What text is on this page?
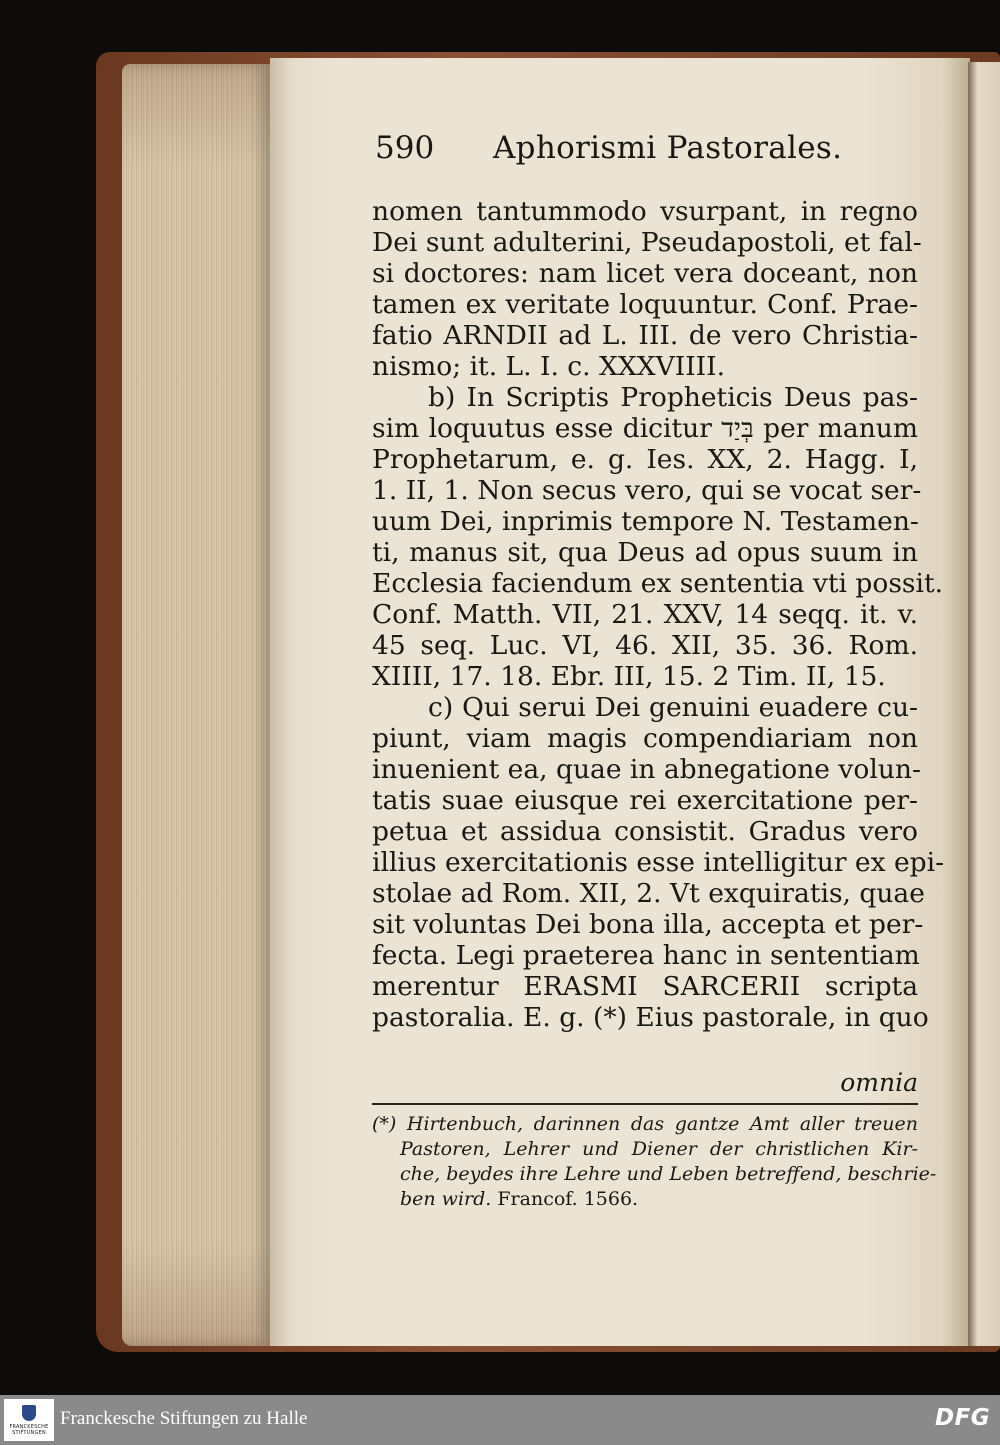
590 Aphorismi Pastorales.
nomen tantummodo vsurpant, in regno
Dei sunt adulterini, Pseudapostoli, et fal-
si doctores: nam licet vera doceant, non
tamen ex veritate loquuntur. Conf. Prae-
fatio ARNDII ad L. III. de vero Christia-
nismo; it. L. I. c. XXXVIIII.
b) In Scriptis Propheticis Deus pas-
sim loquutus esse dicitur בְּיַד per manum
Prophetarum, e. g. Ies. XX, 2. Hagg. I,
1. II, 1. Non secus vero, qui se vocat ser-
uum Dei, inprimis tempore N. Testamen-
ti, manus sit, qua Deus ad opus suum in
Ecclesia faciendum ex sententia vti possit.
Conf. Matth. VII, 21. XXV, 14 seqq. it. v.
45 seq. Luc. VI, 46. XII, 35. 36. Rom.
XIIII, 17. 18. Ebr. III, 15. 2 Tim. II, 15.
c) Qui serui Dei genuini euadere cu-
piunt, viam magis compendiariam non
inuenient ea, quae in abnegatione volun-
tatis suae eiusque rei exercitatione per-
petua et assidua consistit. Gradus vero
illius exercitationis esse intelligitur ex epi-
stolae ad Rom. XII, 2. Vt exquiratis, quae
sit voluntas Dei bona illa, accepta et per-
fecta. Legi praeterea hanc in sententiam
merentur ERASMI SARCERII scripta
pastoralia. E. g. (*) Eius pastorale, in quo
omnia
(*) Hirtenbuch, darinnen das gantze Amt aller treuen
Pastoren, Lehrer und Diener der christlichen Kir-
che, beydes ihre Lehre und Leben betreffend, beschrie-
ben wird. Francof. 1566.
FRANCKESCHE STIFTUNGEN
Franckesche Stiftungen zu Halle	DFG
